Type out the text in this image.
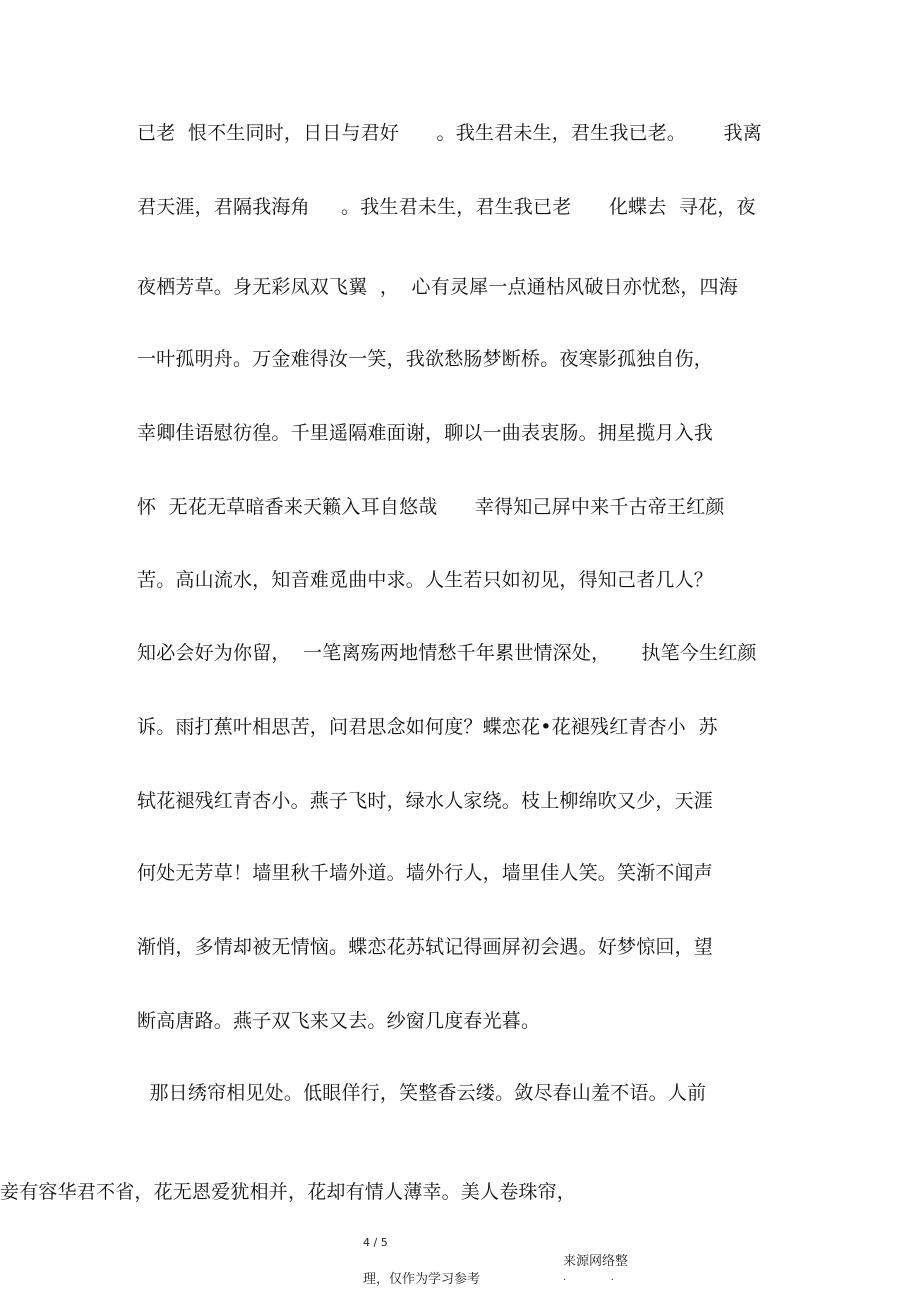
已老  恨不生同时，日日与君好      。我生君未生，君生我已老。      我离
君天涯，君隔我海角     。我生君未生，君生我已老      化蝶去  寻花，夜
夜栖芳草。身无彩凤双飞翼  ，  心有灵犀一点通枯风破日亦忧愁，四海
一叶孤明舟。万金难得汝一笑，我欲愁肠梦断桥。夜寒影孤独自伤，
幸卿佳语慰彷徨。千里遥隔难面谢，聊以一曲表衷肠。拥星揽月入我
怀  无花无草暗香来天籁入耳自悠哉      幸得知己屏中来千古帝王红颜
苦。高山流水，知音难觅曲中求。人生若只如初见，得知己者几人？
知必会好为你留，  一笔离殇两地情愁千年累世情深处，     执笔今生红颜
诉。雨打蕉叶相思苦，问君思念如何度？蝶恋花•花褪残红青杏小  苏
轼花褪残红青杏小。燕子飞时，绿水人家绕。枝上柳绵吹又少，天涯
何处无芳草！墙里秋千墙外道。墙外行人，墙里佳人笑。笑渐不闻声
渐悄，多情却被无情恼。蝶恋花苏轼记得画屏初会遇。好梦惊回，望
断高唐路。燕子双飞来又去。纱窗几度春光暮。
那日绣帘相见处。低眼佯行，笑整香云缕。敛尽春山羞不语。人前
妾有容华君不省，花无恩爱犹相并，花却有情人薄幸。美人卷珠帘，
4 / 5
来源网络整
理，仅作为学习参考	.              .
